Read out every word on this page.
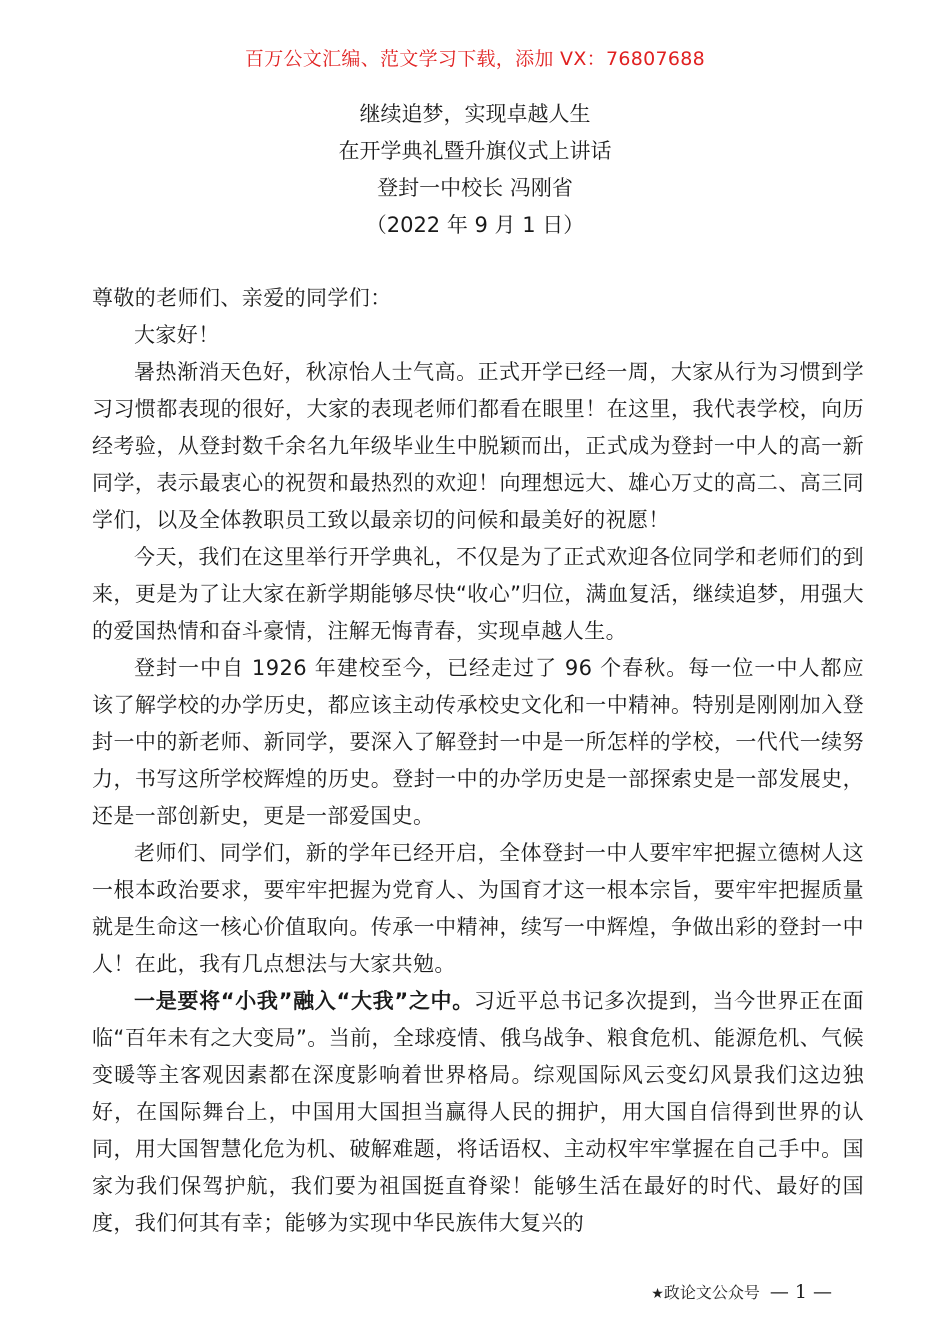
百万公文汇编、范文学习下载，添加 VX：76807688
继续追梦，实现卓越人生
在开学典礼暨升旗仪式上讲话
登封一中校长 冯刚省
（2022 年 9 月 1 日）

尊敬的老师们、亲爱的同学们：

大家好！

暑热渐消天色好，秋凉怡人士气高。正式开学已经一周，大家从行为习惯到学习习惯都表现的很好，大家的表现老师们都看在眼里！在这里，我代表学校，向历经考验，从登封数千余名九年级毕业生中脱颖而出，正式成为登封一中人的高一新同学，表示最衷心的祝贺和最热烈的欢迎！向理想远大、雄心万丈的高二、高三同学们，以及全体教职员工致以最亲切的问候和最美好的祝愿！

今天，我们在这里举行开学典礼，不仅是为了正式欢迎各位同学和老师们的到来，更是为了让大家在新学期能够尽快“收心”归位，满血复活，继续追梦，用强大的爱国热情和奋斗豪情，注解无悔青春，实现卓越人生。

登封一中自 1926 年建校至今，已经走过了 96 个春秋。每一位一中人都应该了解学校的办学历史，都应该主动传承校史文化和一中精神。特别是刚刚加入登封一中的新老师、新同学，要深入了解登封一中是一所怎样的学校，一代代一续努力，书写这所学校辉煌的历史。登封一中的办学历史是一部探索史是一部发展史，还是一部创新史，更是一部爱国史。

老师们、同学们，新的学年已经开启，全体登封一中人要牢牢把握立德树人这一根本政治要求，要牢牢把握为党育人、为国育才这一根本宗旨，要牢牢把握质量就是生命这一核心价值取向。传承一中精神，续写一中辉煌，争做出彩的登封一中人！在此，我有几点想法与大家共勉。

一是要将“小我”融入“大我”之中。习近平总书记多次提到，当今世界正在面临“百年未有之大变局”。当前，全球疫情、俄乌战争、粮食危机、能源危机、气候变暖等主客观因素都在深度影响着世界格局。综观国际风云变幻风景我们这边独好，在国际舞台上，中国用大国担当赢得人民的拥护，用大国自信得到世界的认同，用大国智慧化危为机、破解难题，将话语权、主动权牢牢掌握在自己手中。国家为我们保驾护航，我们要为祖国挺直脊梁！能够生活在最好的时代、最好的国度，我们何其有幸；能够为实现中华民族伟大复兴的

★政论文公众号 — 1 —
